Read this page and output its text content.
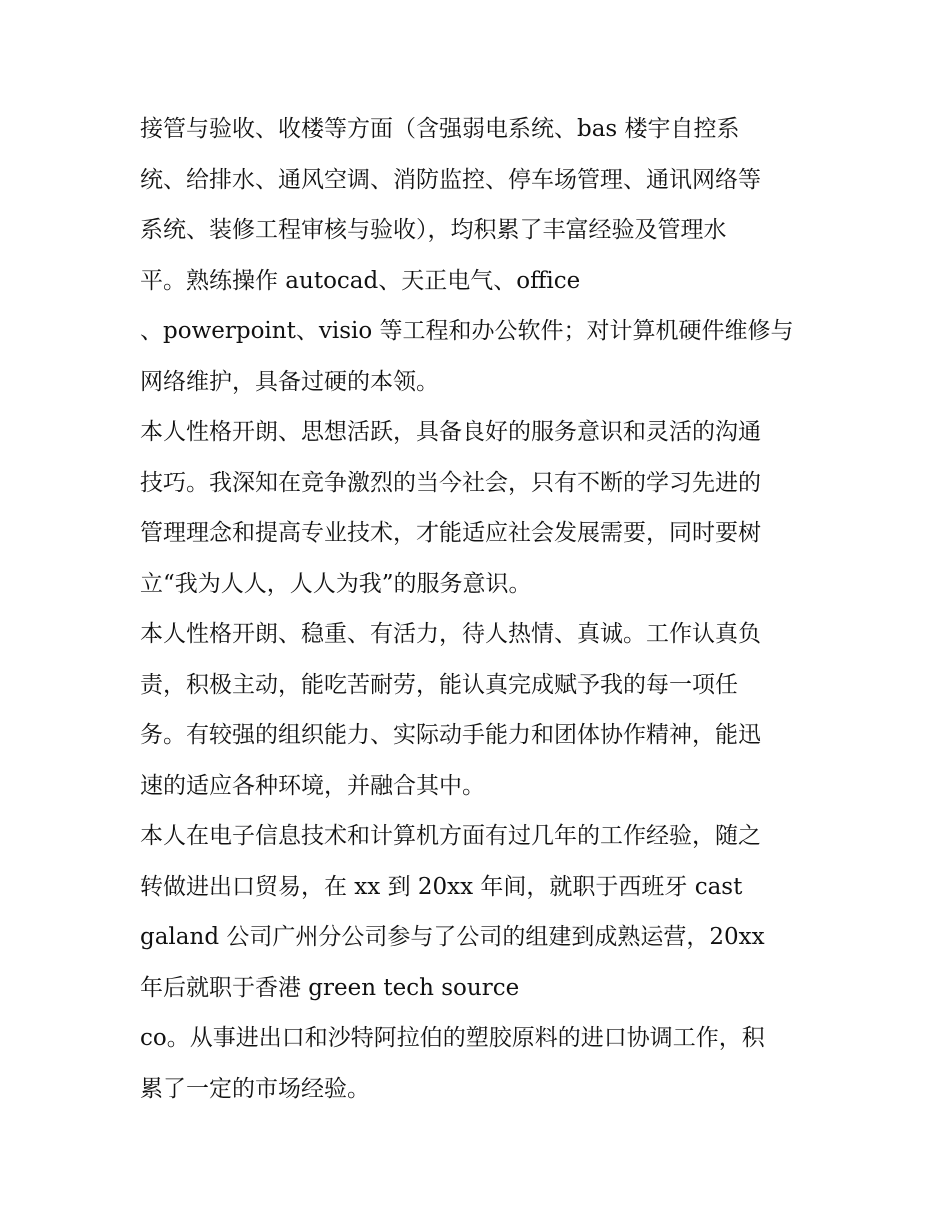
接管与验收、收楼等方面（含强弱电系统、bas 楼宇自控系
统、给排水、通风空调、消防监控、停车场管理、通讯网络等
系统、装修工程审核与验收），均积累了丰富经验及管理水
平。熟练操作 autocad、天正电气、office
、powerpoint、visio 等工程和办公软件；对计算机硬件维修与
网络维护，具备过硬的本领。
本人性格开朗、思想活跃，具备良好的服务意识和灵活的沟通
技巧。我深知在竞争激烈的当今社会，只有不断的学习先进的
管理理念和提高专业技术，才能适应社会发展需要，同时要树
立“我为人人，人人为我”的服务意识。
本人性格开朗、稳重、有活力，待人热情、真诚。工作认真负
责，积极主动，能吃苦耐劳，能认真完成赋予我的每一项任
务。有较强的组织能力、实际动手能力和团体协作精神，能迅
速的适应各种环境，并融合其中。
本人在电子信息技术和计算机方面有过几年的工作经验，随之
转做进出口贸易，在 xx 到 20xx 年间，就职于西班牙 cast
galand 公司广州分公司参与了公司的组建到成熟运营，20xx
年后就职于香港 green tech source
co。从事进出口和沙特阿拉伯的塑胶原料的进口协调工作，积
累了一定的市场经验。
